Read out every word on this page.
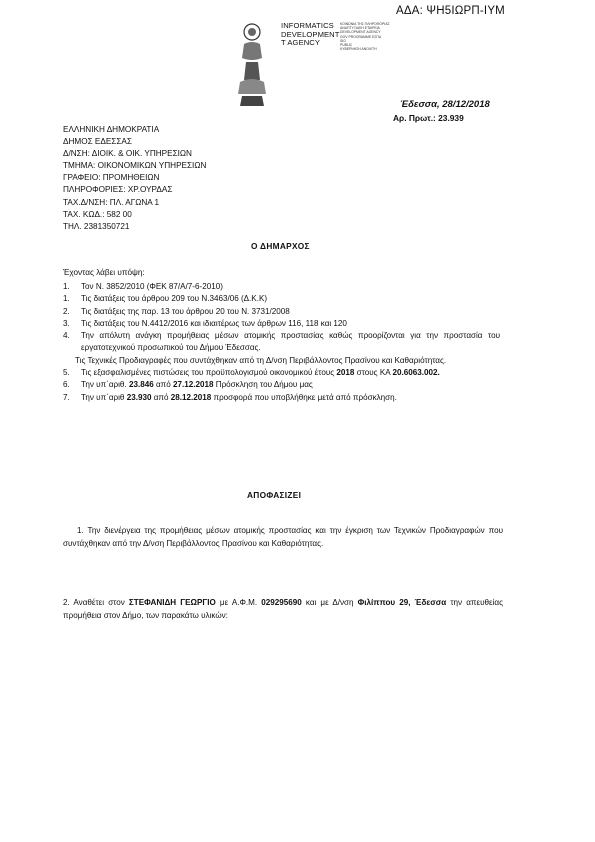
ΑΔΑ: ΨΗ5ΙΩΡΠ-ΙΥΜ
INFORMATICS
DEVELOPMENT
T AGENCY
ΚΟΙΝΩΝΙΑ ΤΗΣ ΠΛΗΡΟΦΟΡΙΑΣ
ΑΝΑΠΤΥΞΙΑΚΗ ΕΤΑΙΡΕΙΑ
DEVELOPMENT AGENCY
GOV PROGRAMME ΕΣΠΑ
SIG
PUBLIC
ΚΥΒΕΡΝΗΣΗ ΑΝΟΙΧΤΗ
Έδεσσα, 28/12/2018
Αρ. Πρωτ.: 23.939
ΕΛΛΗΝΙΚΗ ΔΗΜΟΚΡΑΤΙΑ
ΔΗΜΟΣ ΕΔΕΣΣΑΣ
Δ/ΝΣΗ: ΔΙΟΙΚ. & ΟΙΚ. ΥΠΗΡΕΣΙΩΝ
ΤΜΗΜΑ: ΟΙΚΟΝΟΜΙΚΩΝ ΥΠΗΡΕΣΙΩΝ
ΓΡΑΦΕΙΟ: ΠΡΟΜΗΘΕΙΩΝ
ΠΛΗΡΟΦΟΡΙΕΣ: ΧΡ.ΟΥΡΔΑΣ
ΤΑΧ.Δ/ΝΣΗ: ΠΛ. ΑΓΩΝΑ 1
ΤΑΧ. ΚΩΔ.: 582 00
ΤΗΛ. 2381350721
Ο ΔΗΜΑΡΧΟΣ
Έχοντας λάβει υπόψη:
1.	Τον Ν. 3852/2010 (ΦΕΚ 87/Α/7-6-2010)
1.	Τις διατάξεις του άρθρου 209 του Ν.3463/06 (Δ.Κ.Κ)
2.	Τις διατάξεις της παρ. 13 του άρθρου 20 του Ν. 3731/2008
3.	Τις διατάξεις του Ν.4412/2016 και ιδιαιτέρως των άρθρων 116, 118 και 120
4.	Την απόλυτη ανάγκη προμήθειας μέσων ατομικής προστασίας καθώς προορίζονται για την προστασία του εργατοτεχνικού προσωπικού του Δήμου Έδεσσας.
Τις Τεχνικές Προδιαγραφές που συντάχθηκαν από τη Δ/νση Περιβάλλοντος Πρασίνου και Καθαριότητας.
5.	Τις εξασφαλισμένες πιστώσεις του προϋπολογισμού οικονομικού έτους 2018 στους ΚΑ 20.6063.002.
6.	Την υπ΄αριθ. 23.846 από 27.12.2018 Πρόσκληση του Δήμου μας
7.	Την υπ΄αριθ 23.930 από 28.12.2018 προσφορά που υποβλήθηκε μετά από πρόσκληση.
ΑΠΟΦΑΣΙΖΕΙ
1. Την διενέργεια της προμήθειας μέσων ατομικής προστασίας και την έγκριση των Τεχνικών Προδιαγραφών που συντάχθηκαν από την Δ/νση Περιβάλλοντος Πρασίνου και Καθαριότητας.
2. Αναθέτει στον ΣΤΕΦΑΝΙΔΗ ΓΕΩΡΓΙΟ με Α.Φ.Μ. 029295690 και με Δ/νση Φιλίππου 29, Έδεσσα την απευθείας προμήθεια στον Δήμο, των παρακάτω υλικών:
